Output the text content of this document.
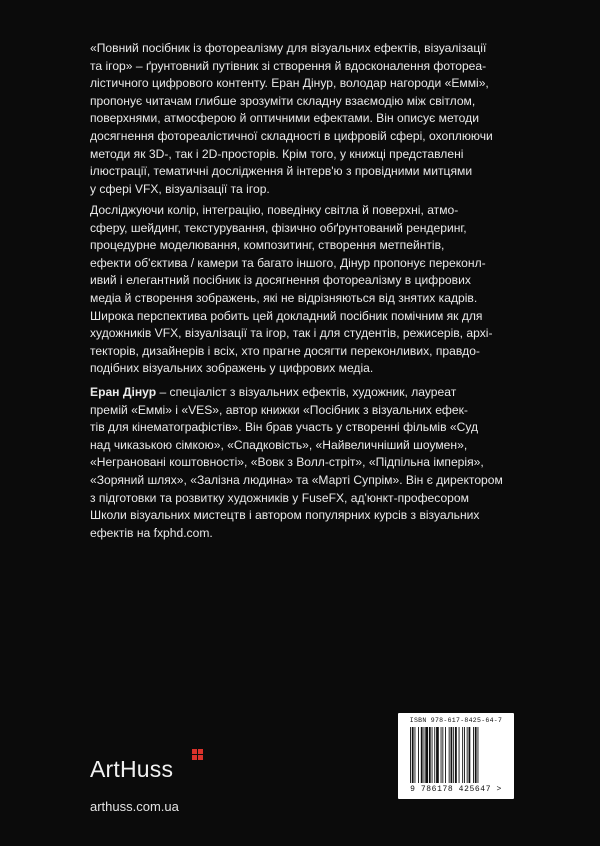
«Повний посібник із фотореалізму для візуальних ефектів, візуалізації
та ігор» – ґрунтовний путівник зі створення й вдосконалення фотореа-
лістичного цифрового контенту. Еран Дінур, володар нагороди «Еммі»,
пропонує читачам глибше зрозуміти складну взаємодію між світлом,
поверхнями, атмосферою й оптичними ефектами. Він описує методи
досягнення фотореалістичної складності в цифровій сфері, охоплюючи
методи як 3D-, так і 2D-просторів. Крім того, у книжці представлені
ілюстрації, тематичні дослідження й інтерв'ю з провідними митцями
у сфері VFX, візуалізації та ігор.

Досліджуючи колір, інтеграцію, поведінку світла й поверхні, атмо-
сферу, шейдинг, текстурування, фізично обґрунтований рендеринг,
процедурне моделювання, композитинг, створення метпейнтів,
ефекти об'єктива / камери та багато іншого, Дінур пропонує переконл-
ивий і елегантний посібник із досягнення фотореалізму в цифрових
медіа й створення зображень, які не відрізняються від знятих кадрів.
Широка перспектива робить цей докладний посібник помічним як для
художників VFX, візуалізації та ігор, так і для студентів, режисерів, архі-
текторів, дизайнерів і всіх, хто прагне досягти переконливих, правдо-
подібних візуальних зображень у цифрових медіа.

Еран Дінур – спеціаліст з візуальних ефектів, художник, лауреат
премій «Еммі» і «VES», автор книжки «Посібник з візуальних ефек-
тів для кінематографістів». Він брав участь у створенні фільмів «Суд
над чиказькою сімкою», «Спадковість», «Найвеличніший шоумен»,
«Неграновані коштовності», «Вовк з Волл-стріт», «Підпільна імперія»,
«Зоряний шлях», «Залізна людина» та «Марті Супрім». Він є директором
з підготовки та розвитку художників у FuseFX, ад'юнкт-професором
Школи візуальних мистецтв і автором популярних курсів з візуальних
ефектів на fxphd.com.

ArtHuss
arthuss.com.ua
ISBN 978-617-8425-64-7
9 786178 425647 >
